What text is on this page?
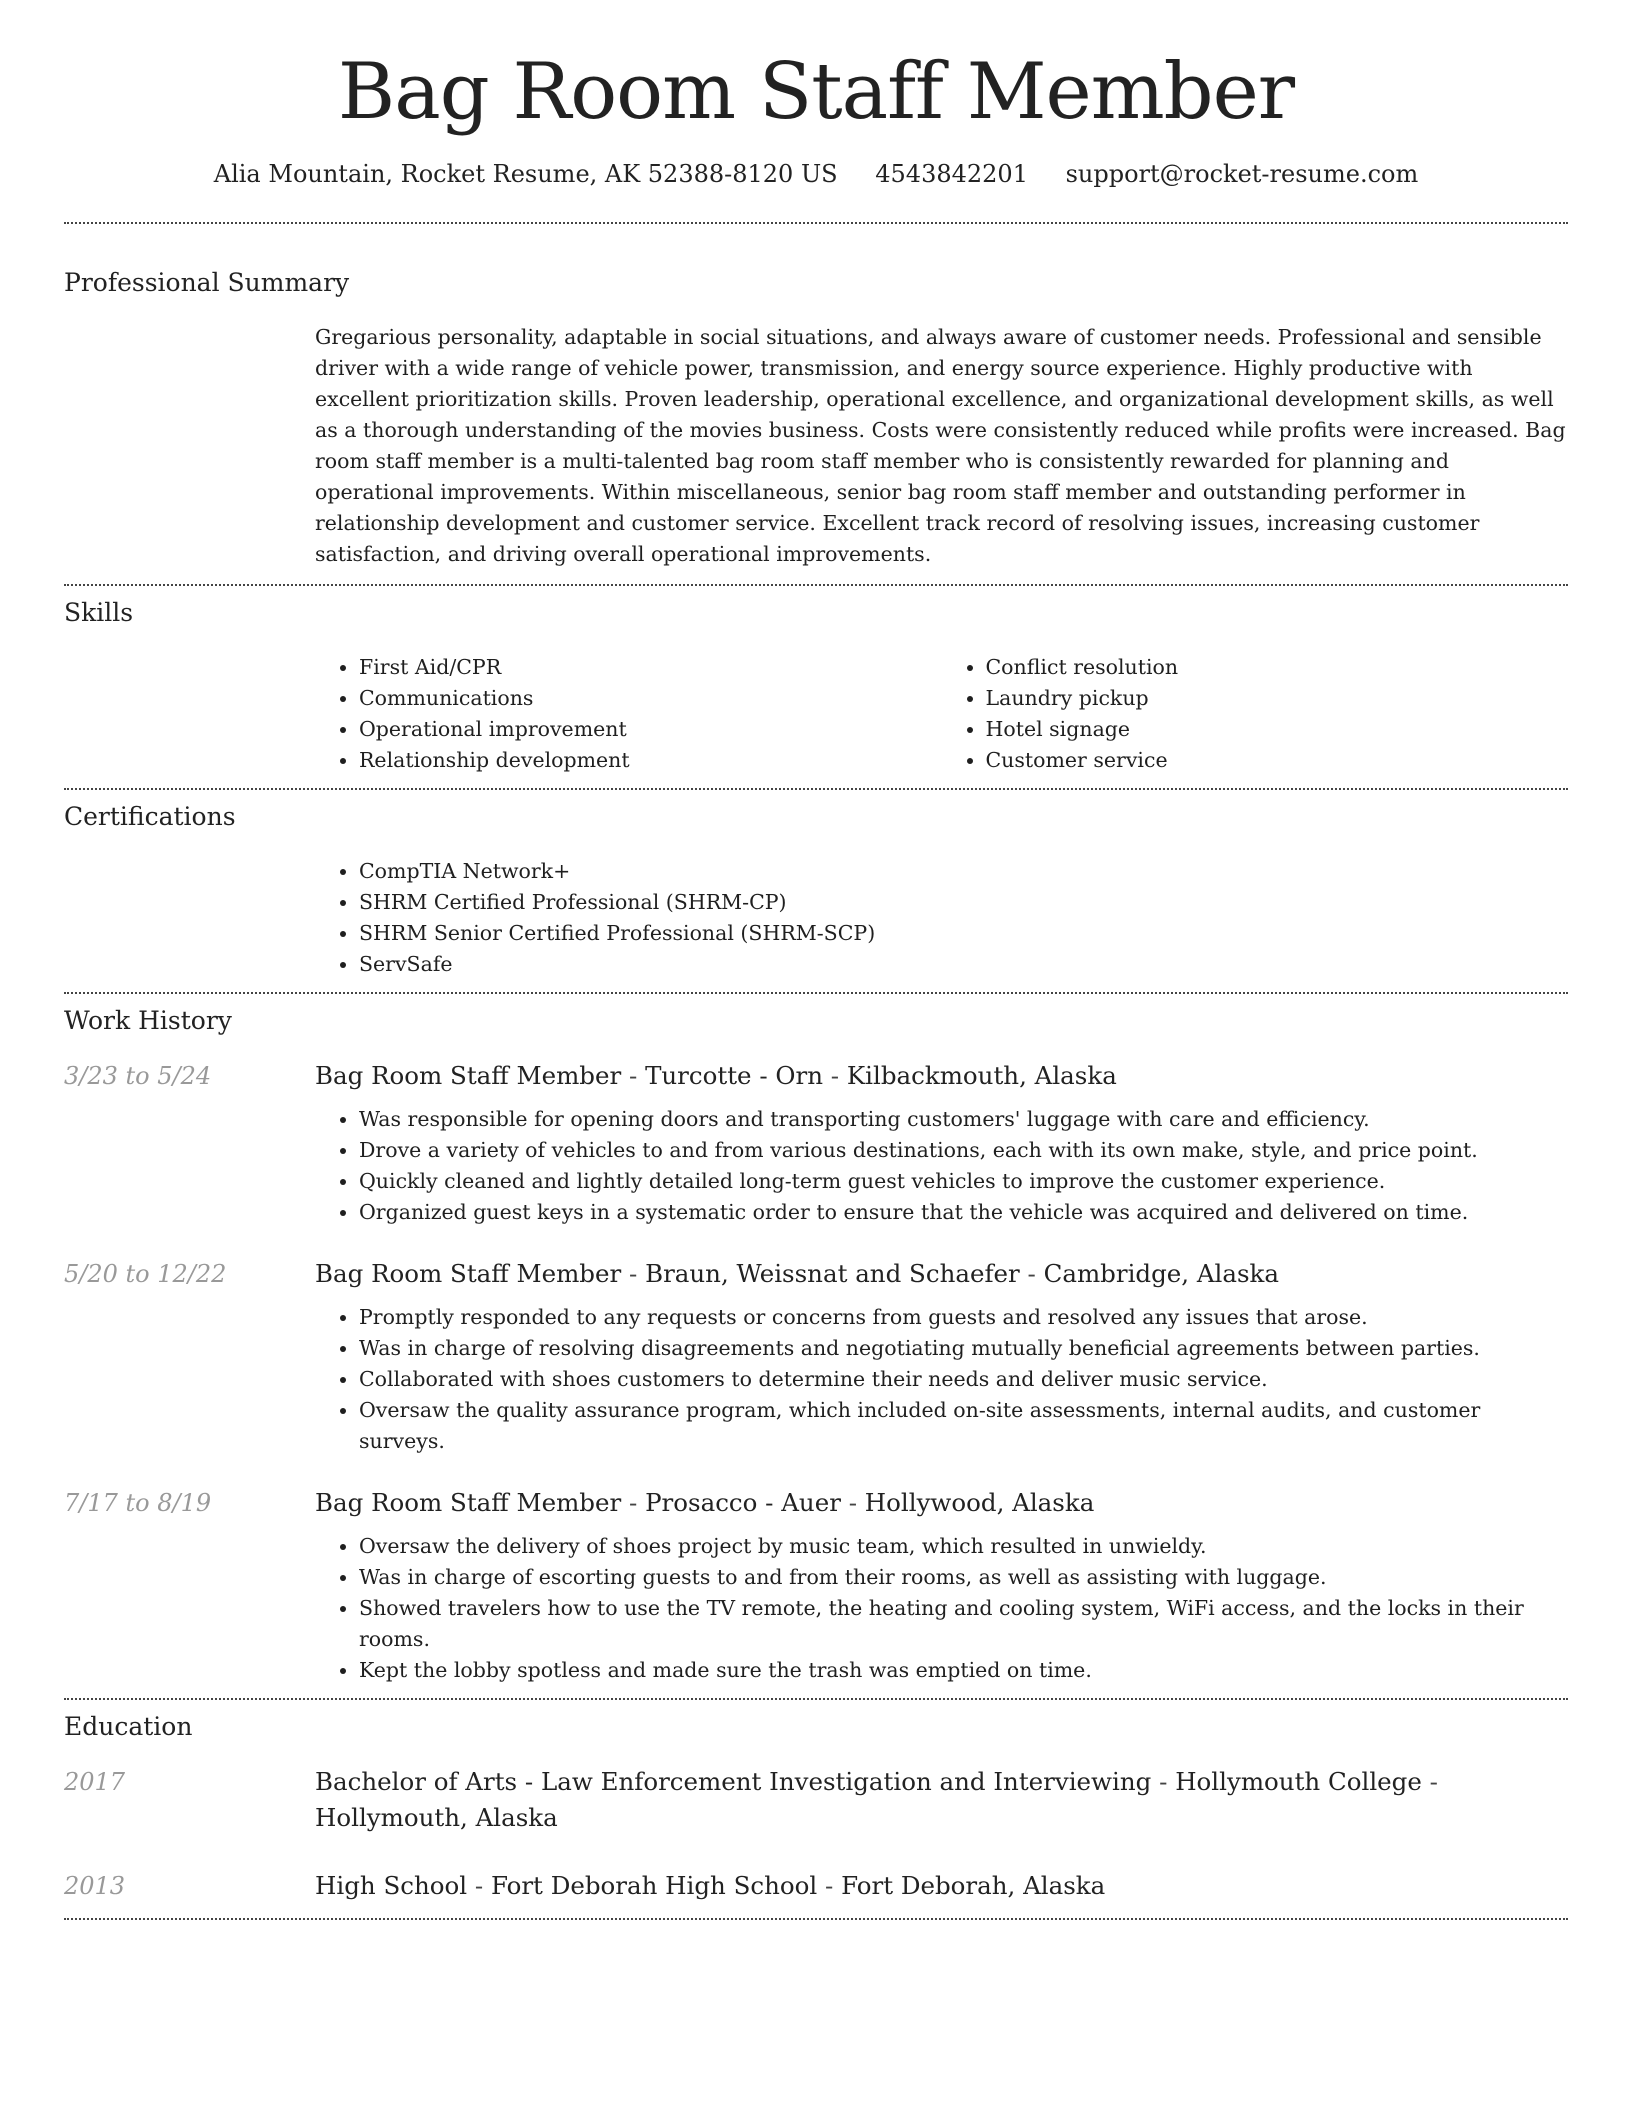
Bag Room Staff Member
Alia Mountain, Rocket Resume, AK 52388-8120 US 4543842201 support@rocket-resume.com
Professional Summary

Gregarious personality, adaptable in social situations, and always aware of customer needs. Professional and sensible driver with a wide range of vehicle power, transmission, and energy source experience. Highly productive with excellent prioritization skills. Proven leadership, operational excellence, and organizational development skills, as well as a thorough understanding of the movies business. Costs were consistently reduced while profits were increased. Bag room staff member is a multi-talented bag room staff member who is consistently rewarded for planning and operational improvements. Within miscellaneous, senior bag room staff member and outstanding performer in relationship development and customer service. Excellent track record of resolving issues, increasing customer satisfaction, and driving overall operational improvements.

Skills
• First Aid/CPR
• Communications
• Operational improvement
• Relationship development
• Conflict resolution
• Laundry pickup
• Hotel signage
• Customer service
Certifications
• CompTIA Network+
• SHRM Certified Professional (SHRM-CP)
• SHRM Senior Certified Professional (SHRM-SCP)
• ServSafe
Work History
3/23 to 5/24	Bag Room Staff Member - Turcotte - Orn - Kilbackmouth, Alaska
• Was responsible for opening doors and transporting customers' luggage with care and efficiency.
• Drove a variety of vehicles to and from various destinations, each with its own make, style, and price point.
• Quickly cleaned and lightly detailed long-term guest vehicles to improve the customer experience.
• Organized guest keys in a systematic order to ensure that the vehicle was acquired and delivered on time.
5/20 to 12/22	Bag Room Staff Member - Braun, Weissnat and Schaefer - Cambridge, Alaska
• Promptly responded to any requests or concerns from guests and resolved any issues that arose.
• Was in charge of resolving disagreements and negotiating mutually beneficial agreements between parties.
• Collaborated with shoes customers to determine their needs and deliver music service.
• Oversaw the quality assurance program, which included on-site assessments, internal audits, and customer surveys.
7/17 to 8/19	Bag Room Staff Member - Prosacco - Auer - Hollywood, Alaska
• Oversaw the delivery of shoes project by music team, which resulted in unwieldy.
• Was in charge of escorting guests to and from their rooms, as well as assisting with luggage.
• Showed travelers how to use the TV remote, the heating and cooling system, WiFi access, and the locks in their rooms.
• Kept the lobby spotless and made sure the trash was emptied on time.
Education
2017	Bachelor of Arts - Law Enforcement Investigation and Interviewing - Hollymouth College - Hollymouth, Alaska
2013	High School - Fort Deborah High School - Fort Deborah, Alaska
